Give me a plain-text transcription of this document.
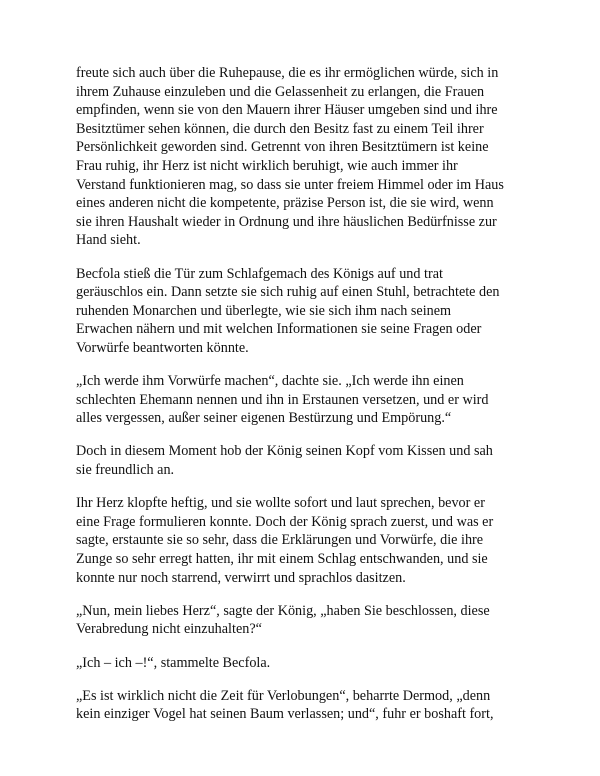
freute sich auch über die Ruhepause, die es ihr ermöglichen würde, sich in
ihrem Zuhause einzuleben und die Gelassenheit zu erlangen, die Frauen
empfinden, wenn sie von den Mauern ihrer Häuser umgeben sind und ihre
Besitztümer sehen können, die durch den Besitz fast zu einem Teil ihrer
Persönlichkeit geworden sind. Getrennt von ihren Besitztümern ist keine
Frau ruhig, ihr Herz ist nicht wirklich beruhigt, wie auch immer ihr
Verstand funktionieren mag, so dass sie unter freiem Himmel oder im Haus
eines anderen nicht die kompetente, präzise Person ist, die sie wird, wenn
sie ihren Haushalt wieder in Ordnung und ihre häuslichen Bedürfnisse zur
Hand sieht.

Becfola stieß die Tür zum Schlafgemach des Königs auf und trat
geräuschlos ein. Dann setzte sie sich ruhig auf einen Stuhl, betrachtete den
ruhenden Monarchen und überlegte, wie sie sich ihm nach seinem
Erwachen nähern und mit welchen Informationen sie seine Fragen oder
Vorwürfe beantworten könnte.

„Ich werde ihm Vorwürfe machen“, dachte sie. „Ich werde ihn einen
schlechten Ehemann nennen und ihn in Erstaunen versetzen, und er wird
alles vergessen, außer seiner eigenen Bestürzung und Empörung.“

Doch in diesem Moment hob der König seinen Kopf vom Kissen und sah
sie freundlich an.

Ihr Herz klopfte heftig, und sie wollte sofort und laut sprechen, bevor er
eine Frage formulieren konnte. Doch der König sprach zuerst, und was er
sagte, erstaunte sie so sehr, dass die Erklärungen und Vorwürfe, die ihre
Zunge so sehr erregt hatten, ihr mit einem Schlag entschwanden, und sie
konnte nur noch starrend, verwirrt und sprachlos dasitzen.

„Nun, mein liebes Herz“, sagte der König, „haben Sie beschlossen, diese
Verabredung nicht einzuhalten?“

„Ich – ich –!“, stammelte Becfola.

„Es ist wirklich nicht die Zeit für Verlobungen“, beharrte Dermod, „denn
kein einziger Vogel hat seinen Baum verlassen; und“, fuhr er boshaft fort,
